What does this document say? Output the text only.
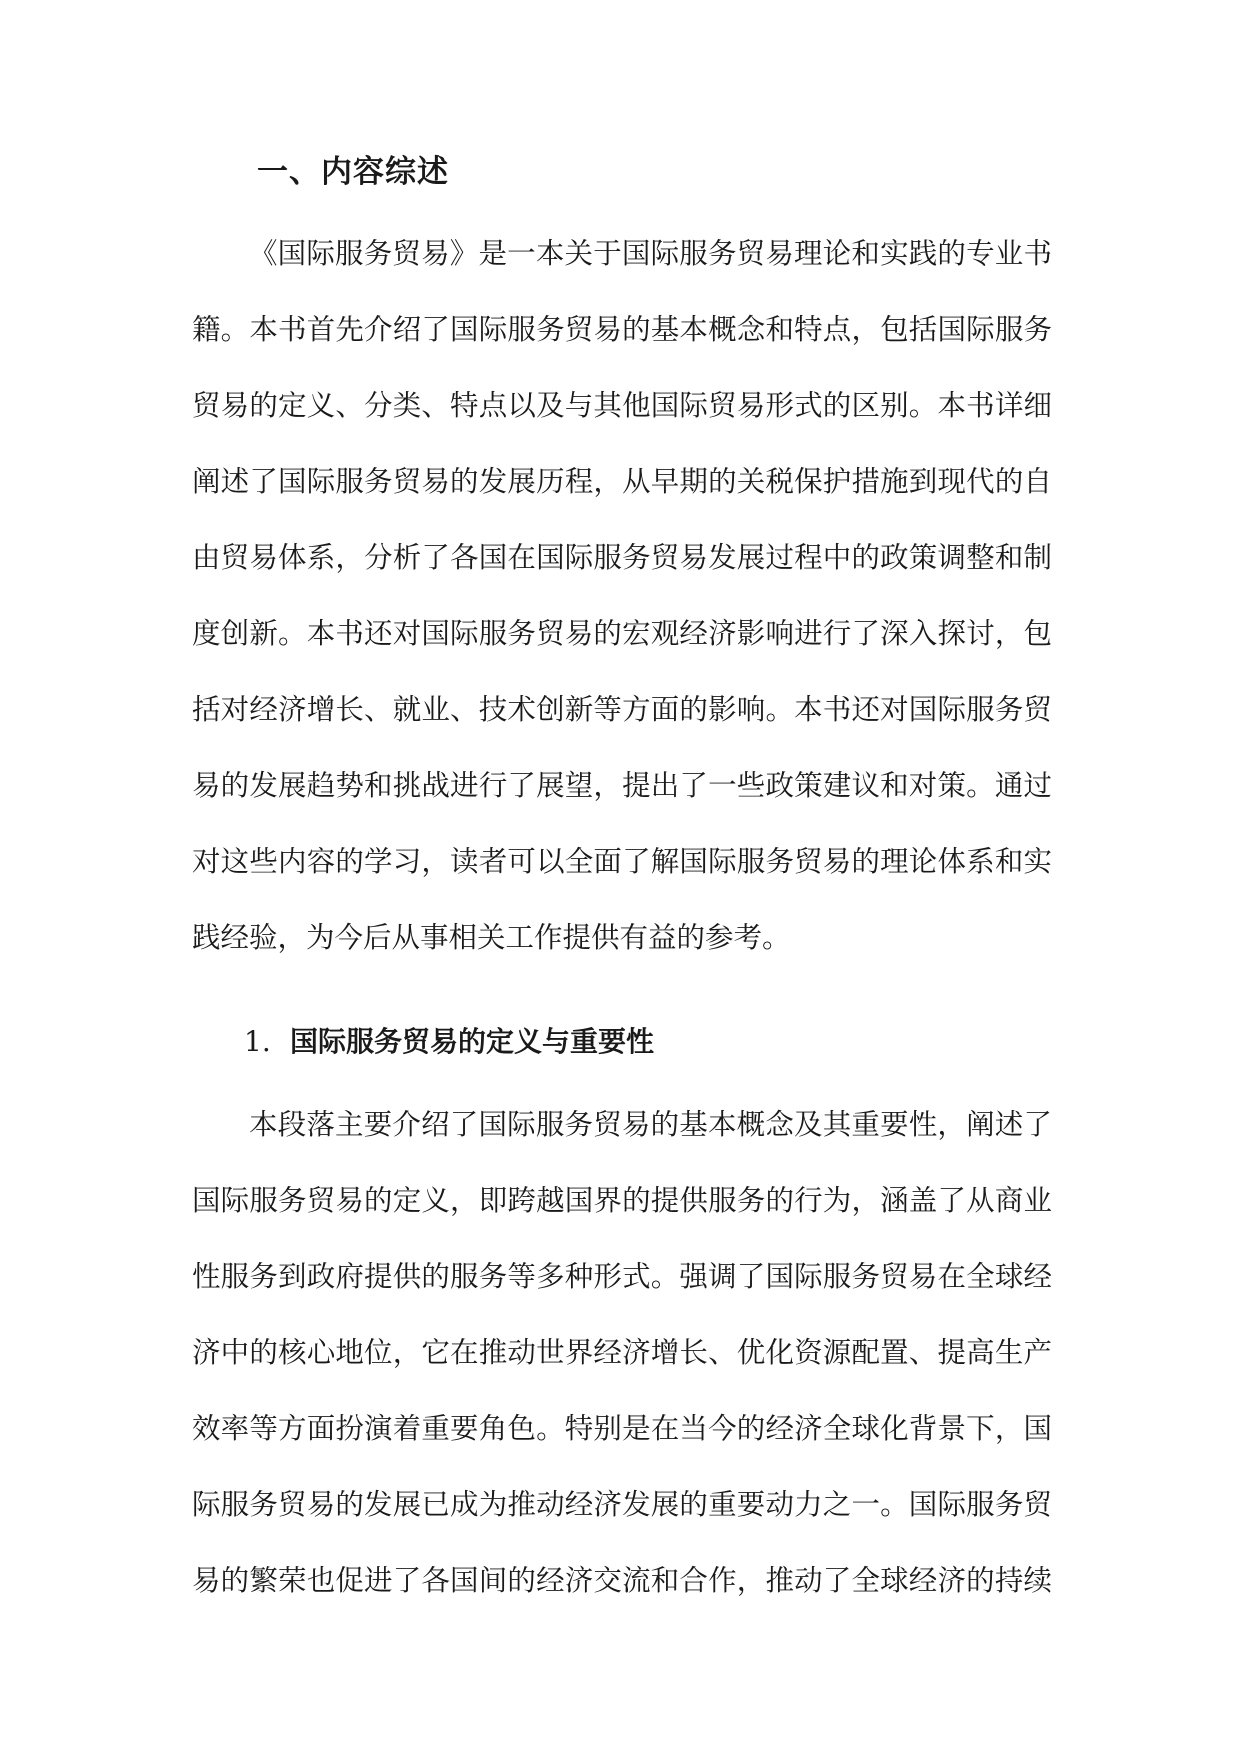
一、内容综述
《国际服务贸易》是一本关于国际服务贸易理论和实践的专业书
籍。本书首先介绍了国际服务贸易的基本概念和特点，包括国际服务
贸易的定义、分类、特点以及与其他国际贸易形式的区别。本书详细
阐述了国际服务贸易的发展历程，从早期的关税保护措施到现代的自
由贸易体系，分析了各国在国际服务贸易发展过程中的政策调整和制
度创新。本书还对国际服务贸易的宏观经济影响进行了深入探讨，包
括对经济增长、就业、技术创新等方面的影响。本书还对国际服务贸
易的发展趋势和挑战进行了展望，提出了一些政策建议和对策。通过
对这些内容的学习，读者可以全面了解国际服务贸易的理论体系和实
践经验，为今后从事相关工作提供有益的参考。
1. 国际服务贸易的定义与重要性
本段落主要介绍了国际服务贸易的基本概念及其重要性，阐述了
国际服务贸易的定义，即跨越国界的提供服务的行为，涵盖了从商业
性服务到政府提供的服务等多种形式。强调了国际服务贸易在全球经
济中的核心地位，它在推动世界经济增长、优化资源配置、提高生产
效率等方面扮演着重要角色。特别是在当今的经济全球化背景下，国
际服务贸易的发展已成为推动经济发展的重要动力之一。国际服务贸
易的繁荣也促进了各国间的经济交流和合作，推动了全球经济的持续
